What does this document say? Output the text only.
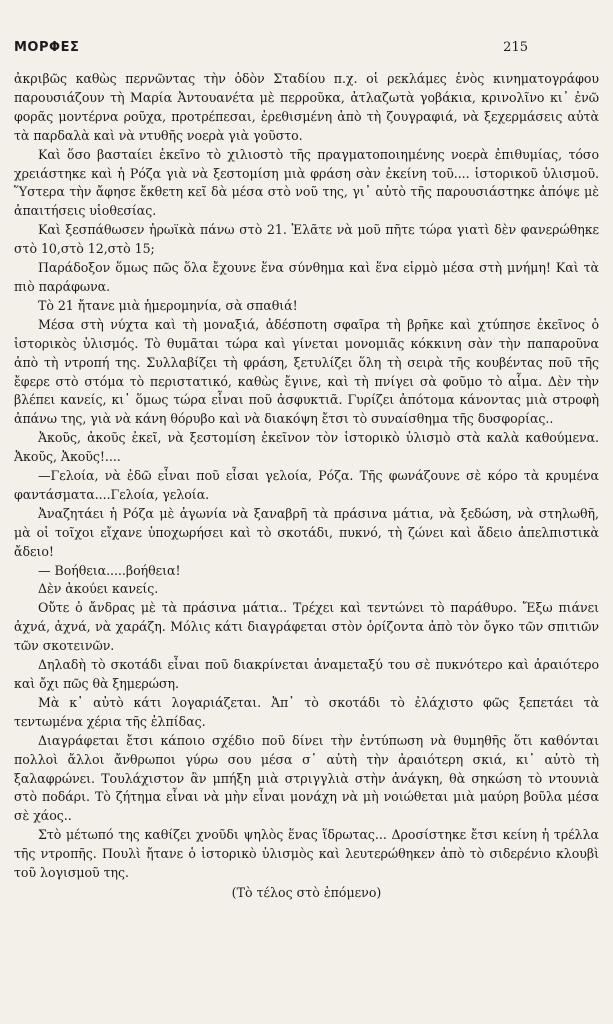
ΜΟΡΦΕΣ	215

ἀκριβῶς καθὼς περνῶντας τὴν ὁδὸν Σταδίου π.χ. οἱ ρεκλάμες ἑνὸς κινηματογράφου παρουσιάζουν τὴ Μαρία Ἀντουανέτα μὲ περροῦκα, ἀτλαζωτὰ γοβάκια, κρινολῖνο κι᾽ ἐνῶ φορᾶς μοντέρνα ροῦχα, προτρέπεσαι, ἐρεθισμένη ἀπὸ τὴ ζουγραφιά, νὰ ξεχερμάσεις αὐτὰ τὰ παρδαλὰ καὶ νὰ ντυθῆς νοερὰ γιὰ γοῦστο.

Καὶ ὅσο βασταίει ἐκεῖνο τὸ χιλιοστὸ τῆς πραγματοποιημένης νοερὰ ἐπιθυμίας, τόσο χρειάστηκε καὶ ἡ Ρόζα γιὰ νὰ ξεστομίση μιὰ φράση σὰν ἐκείνη τοῦ.... ἱστορικοῦ ὑλισμοῦ. Ὕστερα τὴν ἄφησε ἔκθετη κεῖ δὰ μέσα στὸ νοῦ της, γι᾽ αὐτὸ τῆς παρουσιάστηκε ἀπόψε μὲ ἀπαιτήσεις υἱοθεσίας.

Καὶ ξεσπάθωσεν ἡρωϊκὰ πάνω στὸ 21. Ἐλᾶτε νὰ μοῦ πῆτε τώρα γιατὶ δὲν φανερώθηκε στὸ 10,στὸ 12,στὸ 15;

Παράδοξον ὅμως πῶς ὅλα ἔχουνε ἕνα σύνθημα καὶ ἕνα εἱρμὸ μέσα στὴ μνήμη! Καὶ τὰ πιὸ παράφωνα.

Τὸ 21 ἤτανε μιὰ ἡμερομηνία, σὰ σπαθιά!

Μέσα στὴ νύχτα καὶ τὴ μοναξιά, ἀδέσποτη σφαῖρα τὴ βρῆκε καὶ χτύπησε ἐκεῖνος ὁ ἱστορικὸς ὑλισμός. Τὸ θυμᾶται τώρα καὶ γίνεται μονομιᾶς κόκκινη σὰν τὴν παπαροῦνα ἀπὸ τὴ ντροπή της. Συλλαβίζει τὴ φράση, ξετυλίζει ὅλη τὴ σειρὰ τῆς κουβέντας ποῦ τῆς ἔφερε στὸ στόμα τὸ περιστατικό, καθὼς ἔγινε, καὶ τὴ πνίγει σὰ φοῦμο τὸ αἷμα. Δὲν τὴν βλέπει κανείς, κι᾽ ὅμως τώρα εἶναι ποῦ ἀσφυκτιᾶ. Γυρίζει ἀπότομα κάνοντας μιὰ στροφὴ ἀπάνω της, γιὰ νὰ κάνη θόρυβο καὶ νὰ διακόψη ἔτσι τὸ συναίσθημα τῆς δυσφορίας..

Ἀκοῦς, ἀκοῦς ἐκεῖ, νὰ ξεστομίση ἐκεῖνον τὸν ἱστορικὸ ὑλισμὸ στὰ καλὰ καθούμενα. Ἀκοῦς, Ἀκοῦς!....

—Γελοία, νὰ ἐδῶ εἶναι ποῦ εἶσαι γελοία, Ρόζα. Τῆς φωνάζουνε σὲ κόρο τὰ κρυμένα φαντάσματα....Γελοία, γελοία.

Ἀναζητάει ἡ Ρόζα μὲ ἀγωνία νὰ ξαναβρῆ τὰ πράσινα μάτια, νὰ ξεδώση, νὰ στηλωθῆ, μὰ οἱ τοῖχοι εἴχανε ὑποχωρήσει καὶ τὸ σκοτάδι, πυκνό, τὴ ζώνει καὶ ἄδειο ἀπελπιστικὰ ἄδειο!

— Βοήθεια.....βοήθεια!

Δὲν ἀκούει κανείς.

Οὔτε ὁ ἄνδρας μὲ τὰ πράσινα μάτια.. Τρέχει καὶ τεντώνει τὸ παράθυρο. Ἔξω πιάνει ἀχνά, ἀχνά, νὰ χαράζη. Μόλις κάτι διαγράφεται στὸν ὁρίζοντα ἀπὸ τὸν ὄγκο τῶν σπιτιῶν τῶν σκοτεινῶν.

Δηλαδὴ τὸ σκοτάδι εἶναι ποῦ διακρίνεται ἀναμεταξύ του σὲ πυκνότερο καὶ ἀραιότερο καὶ ὄχι πῶς θὰ ξημερώση.

Μὰ κ᾽ αὐτὸ κάτι λογαριάζεται. Ἀπ᾽ τὸ σκοτάδι τὸ ἐλάχιστο φῶς ξεπετάει τὰ τεντωμένα χέρια τῆς ἐλπίδας.

Διαγράφεται ἔτσι κάποιο σχέδιο ποῦ δίνει τὴν ἐντύπωση νὰ θυμηθῆς ὅτι καθόνται πολλοὶ ἄλλοι ἄνθρωποι γύρω σου μέσα σ᾽ αὐτὴ τὴν ἀραιότερη σκιά, κι᾽ αὐτὸ τὴ ξαλαφρώνει. Τουλάχιστον ἂν μπήξη μιὰ στριγγλιὰ στὴν ἀνάγκη, θὰ σηκώση τὸ ντουνιὰ στὸ ποδάρι. Τὸ ζήτημα εἶναι νὰ μὴν εἶναι μονάχη νὰ μὴ νοιώθεται μιὰ μαύρη βοῦλα μέσα σὲ χάος..

Στὸ μέτωπό της καθίζει χνοῦδι ψηλὸς ἕνας ἵδρωτας... Δροσίστηκε ἔτσι κείνη ἡ τρέλλα τῆς ντροπῆς. Πουλὶ ἤτανε ὁ ἱστορικὸ ὑλισμὸς καὶ λευτερώθηκεν ἀπὸ τὸ σιδερένιο κλουβὶ τοῦ λογισμοῦ της.

(Τὸ τέλος στὸ ἑπόμενο)
